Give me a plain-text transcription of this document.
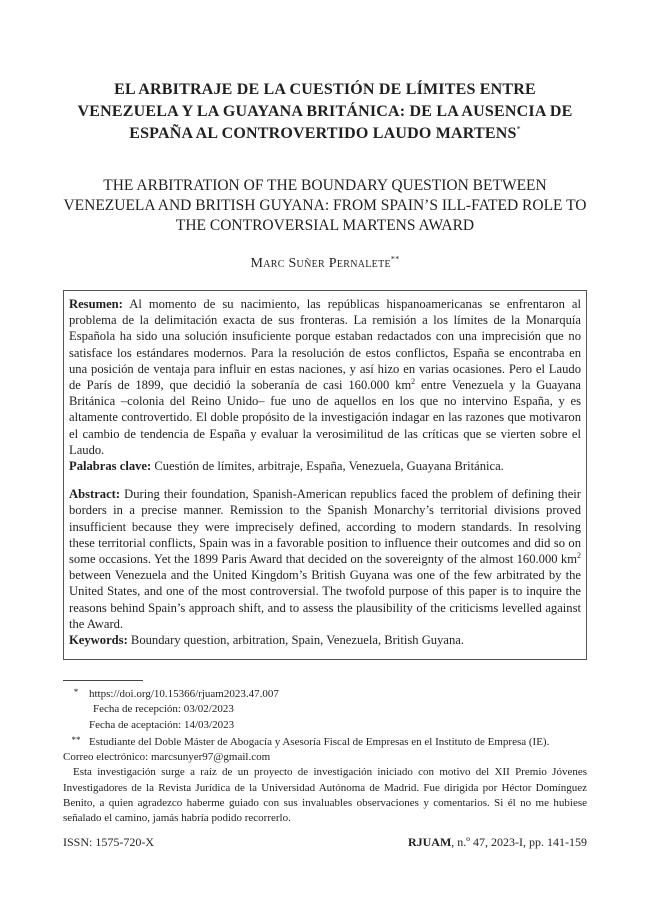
EL ARBITRAJE DE LA CUESTIÓN DE LÍMITES ENTRE
VENEZUELA Y LA GUAYANA BRITÁNICA: DE LA AUSENCIA DE
ESPAÑA AL CONTROVERTIDO LAUDO MARTENS*
THE ARBITRATION OF THE BOUNDARY QUESTION BETWEEN
VENEZUELA AND BRITISH GUYANA: FROM SPAIN’S ILL-FATED ROLE TO
THE CONTROVERSIAL MARTENS AWARD
Marc Suñer Pernalete**

Resumen: Al momento de su nacimiento, las repúblicas hispanoamericanas se enfrentaron al problema de la delimitación exacta de sus fronteras. La remisión a los límites de la Monarquía Española ha sido una solución insuficiente porque estaban redactados con una imprecisión que no satisface los estándares modernos. Para la resolución de estos conflictos, España se encontraba en una posición de ventaja para influir en estas naciones, y así hizo en varias ocasiones. Pero el Laudo de París de 1899, que decidió la soberanía de casi 160.000 $km^2$ entre Venezuela y la Guayana Británica –colonia del Reino Unido– fue uno de aquellos en los que no intervino España, y es altamente controvertido. El doble propósito de la investigación indagar en las razones que motivaron el cambio de tendencia de España y evaluar la verosimilitud de las críticas que se vierten sobre el Laudo.

Palabras clave: Cuestión de límites, arbitraje, España, Venezuela, Guayana Británica.

Abstract: During their foundation, Spanish-American republics faced the problem of defining their borders in a precise manner. Remission to the Spanish Monarchy’s territorial divisions proved insufficient because they were imprecisely defined, according to modern standards. In resolving these territorial conflicts, Spain was in a favorable position to influence their outcomes and did so on some occasions. Yet the 1899 Paris Award that decided on the sovereignty of the almost 160.000 $km^2$ between Venezuela and the United Kingdom’s British Guyana was one of the few arbitrated by the United States, and one of the most controversial. The twofold purpose of this paper is to inquire the reasons behind Spain’s approach shift, and to assess the plausibility of the criticisms levelled against the Award.

Keywords: Boundary question, arbitration, Spain, Venezuela, British Guyana.

* https://doi.org/10.15366/rjuam2023.47.007
Fecha de recepción: 03/02/2023
Fecha de aceptación: 14/03/2023
** Estudiante del Doble Máster de Abogacía y Asesoría Fiscal de Empresas en el Instituto de Empresa (IE).
Correo electrónico: marcsunyer97@gmail.com

Esta investigación surge a raíz de un proyecto de investigación iniciado con motivo del XII Premio Jóvenes Investigadores de la Revista Jurídica de la Universidad Autónoma de Madrid. Fue dirigida por Héctor Domínguez Benito, a quien agradezco haberme guiado con sus invaluables observaciones y comentarios. Si él no me hubiese señalado el camino, jamás habría podido recorrerlo.

ISSN: 1575-720-X	RJUAM, n.º 47, 2023-I, pp. 141-159
